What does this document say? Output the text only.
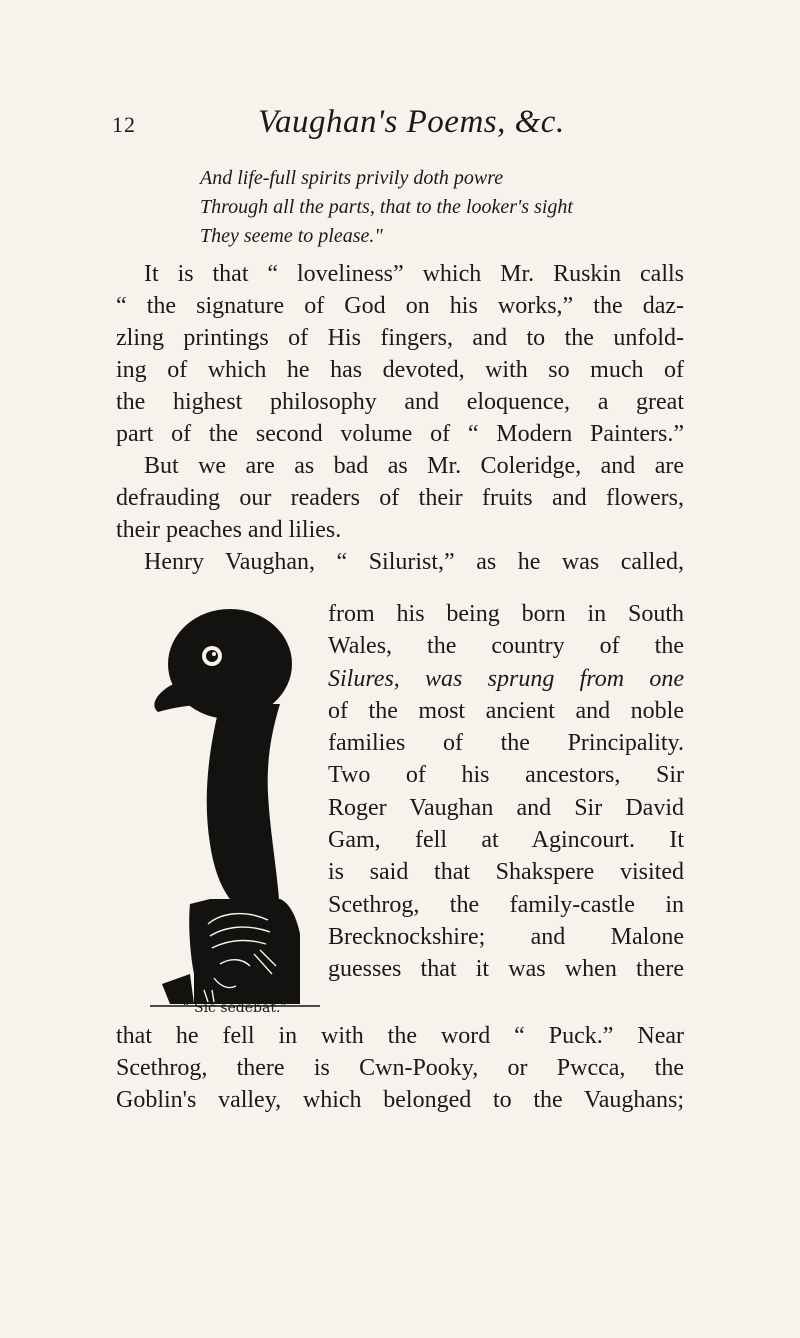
12	Vaughan's Poems, &c.
And life-full spirits privily doth powre
Through all the parts, that to the looker's sight
They seeme to please."
It is that “ loveliness” which Mr. Ruskin calls
“ the signature of God on his works,” the daz-
zling printings of His fingers, and to the unfold-
ing of which he has devoted, with so much of
the highest philosophy and eloquence, a great
part of the second volume of “ Modern Painters.”
But we are as bad as Mr. Coleridge, and are
defrauding our readers of their fruits and flowers,
their peaches and lilies.
Henry Vaughan, “ Silurist,” as he was called,
from his being born in South
Wales, the country of the
Silures, was sprung from one
of the most ancient and noble
families of the Principality.
Two of his ancestors, Sir
Roger Vaughan and Sir David
Gam, fell at Agincourt. It
is said that Shakspere visited
Scethrog, the family-castle in
Brecknockshire; and Malone
guesses that it was when there
“ Sic sedebat.”
that he fell in with the word “ Puck.” Near
Scethrog, there is Cwn-Pooky, or Pwcca, the
Goblin's valley, which belonged to the Vaughans;
